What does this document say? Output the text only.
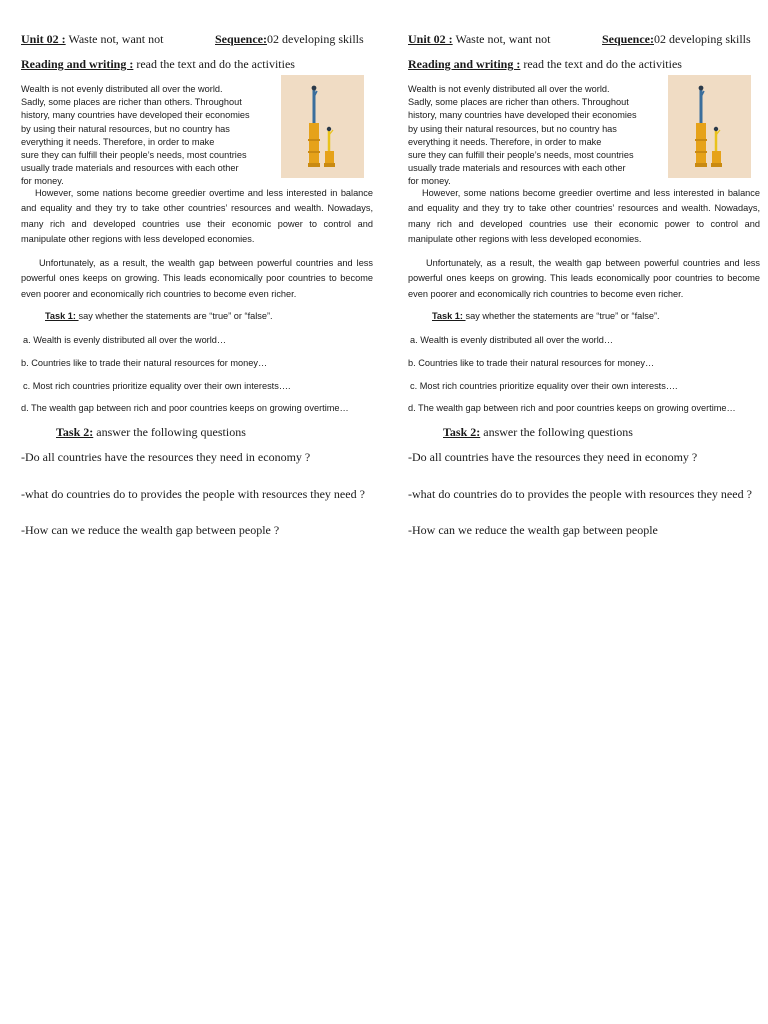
Unit 02 : Waste not, want not	Sequence:02 developing skills
Reading and writing : read the text and do the activities
Wealth is not evenly distributed all over the world.
Sadly, some places are richer than others. Throughout
history, many countries have developed their economies
by using their natural resources, but no country has
everything it needs. Therefore, in order to make
sure they can fulfill their people’s needs, most countries
usually trade materials and resources with each other
for money.
However, some nations become greedier overtime and less interested in balance and equality and they try to take other countries’ resources and wealth. Nowadays, many rich and developed countries use their economic power to control and manipulate other regions with less developed economies.
Unfortunately, as a result, the wealth gap between powerful countries and less powerful ones keeps on growing. This leads economically poor countries to become even poorer and economically rich countries to become even richer.
Task 1: say whether the statements are “true” or “false”.
a. Wealth is evenly distributed all over the world…
b. Countries like to trade their natural resources for money…
c. Most rich countries prioritize equality over their own interests….
d. The wealth gap between rich and poor countries keeps on growing overtime…
Task 2: answer the following questions
-Do all countries have the resources they need in economy ?
-what do countries do to provides the people with resources they need ?
-How can we reduce the wealth gap between people ?
Unit 02 : Waste not, want not	Sequence:02 developing skills
Reading and writing : read the text and do the activities
Wealth is not evenly distributed all over the world.
Sadly, some places are richer than others. Throughout
history, many countries have developed their economies
by using their natural resources, but no country has
everything it needs. Therefore, in order to make
sure they can fulfill their people’s needs, most countries
usually trade materials and resources with each other
for money.
However, some nations become greedier overtime and less interested in balance and equality and they try to take other countries’ resources and wealth. Nowadays, many rich and developed countries use their economic power to control and manipulate other regions with less developed economies.
Unfortunately, as a result, the wealth gap between powerful countries and less powerful ones keeps on growing. This leads economically poor countries to become even poorer and economically rich countries to become even richer.
Task 1: say whether the statements are “true” or “false”.
a. Wealth is evenly distributed all over the world…
b. Countries like to trade their natural resources for money…
c. Most rich countries prioritize equality over their own interests….
d. The wealth gap between rich and poor countries keeps on growing overtime…
Task 2: answer the following questions
-Do all countries have the resources they need in economy ?
-what do countries do to provides the people with resources they need ?
-How can we reduce the wealth gap between people
